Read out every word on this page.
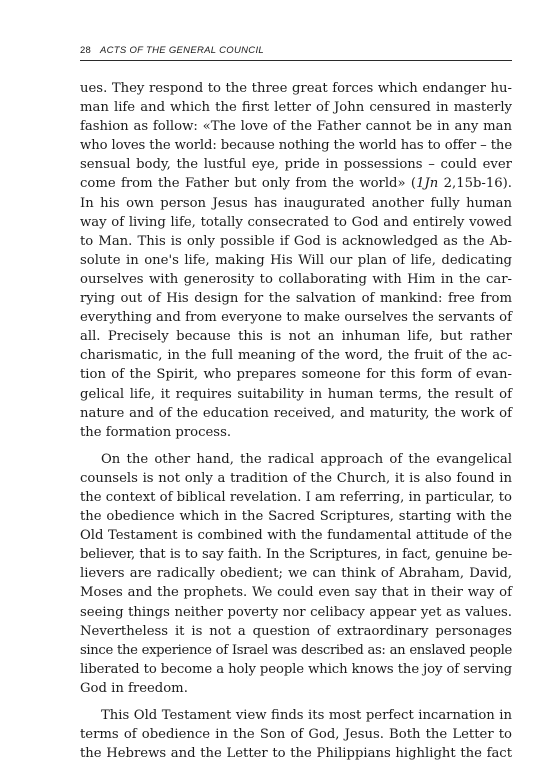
28 ACTS OF THE GENERAL COUNCIL

ues. They respond to the three great forces which endanger hu-
man life and which the first letter of John censured in masterly
fashion as follow: «The love of the Father cannot be in any man
who loves the world: because nothing the world has to offer – the
sensual body, the lustful eye, pride in possessions – could ever
come from the Father but only from the world» (1Jn 2,15b-16).
In his own person Jesus has inaugurated another fully human
way of living life, totally consecrated to God and entirely vowed
to Man. This is only possible if God is acknowledged as the Ab-
solute in one's life, making His Will our plan of life, dedicating
ourselves with generosity to collaborating with Him in the car-
rying out of His design for the salvation of mankind: free from
everything and from everyone to make ourselves the servants of
all. Precisely because this is not an inhuman life, but rather
charismatic, in the full meaning of the word, the fruit of the ac-
tion of the Spirit, who prepares someone for this form of evan-
gelical life, it requires suitability in human terms, the result of
nature and of the education received, and maturity, the work of
the formation process.

On the other hand, the radical approach of the evangelical
counsels is not only a tradition of the Church, it is also found in
the context of biblical revelation. I am referring, in particular, to
the obedience which in the Sacred Scriptures, starting with the
Old Testament is combined with the fundamental attitude of the
believer, that is to say faith. In the Scriptures, in fact, genuine be-
lievers are radically obedient; we can think of Abraham, David,
Moses and the prophets. We could even say that in their way of
seeing things neither poverty nor celibacy appear yet as values.
Nevertheless it is not a question of extraordinary personages
since the experience of Israel was described as: an enslaved people
liberated to become a holy people which knows the joy of serving
God in freedom.

This Old Testament view finds its most perfect incarnation in
terms of obedience in the Son of God, Jesus. Both the Letter to
the Hebrews and the Letter to the Philippians highlight the fact
